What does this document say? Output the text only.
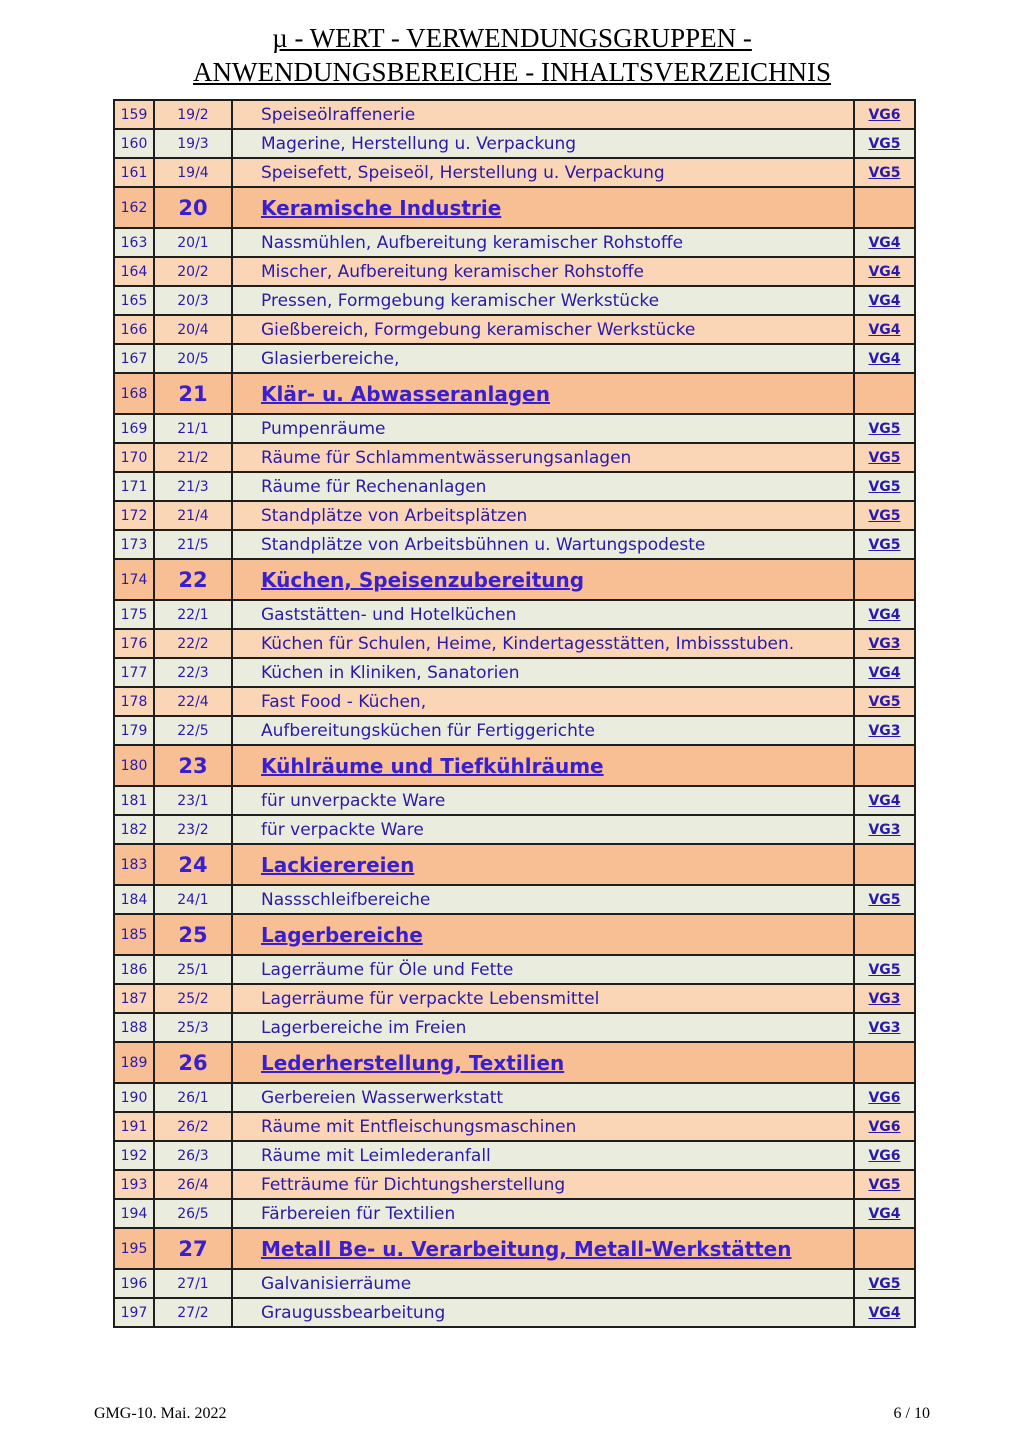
µ - WERT - VERWENDUNGSGRUPPEN -
ANWENDUNGSBEREICHE - INHALTSVERZEICHNIS
159	19/2	Speiseölraffenerie	VG6
160	19/3	Magerine, Herstellung u. Verpackung	VG5
161	19/4	Speisefett, Speiseöl, Herstellung u. Verpackung	VG5
162	20	Keramische Industrie	
163	20/1	Nassmühlen, Aufbereitung keramischer Rohstoffe	VG4
164	20/2	Mischer, Aufbereitung keramischer Rohstoffe	VG4
165	20/3	Pressen, Formgebung keramischer Werkstücke	VG4
166	20/4	Gießbereich, Formgebung keramischer Werkstücke	VG4
167	20/5	Glasierbereiche,	VG4
168	21	Klär- u. Abwasseranlagen	
169	21/1	Pumpenräume	VG5
170	21/2	Räume für Schlammentwässerungsanlagen	VG5
171	21/3	Räume für Rechenanlagen	VG5
172	21/4	Standplätze von Arbeitsplätzen	VG5
173	21/5	Standplätze von Arbeitsbühnen u. Wartungspodeste	VG5
174	22	Küchen, Speisenzubereitung	
175	22/1	Gaststätten- und Hotelküchen	VG4
176	22/2	Küchen für Schulen, Heime, Kindertagesstätten, Imbissstuben.	VG3
177	22/3	Küchen in Kliniken, Sanatorien	VG4
178	22/4	Fast Food - Küchen,	VG5
179	22/5	Aufbereitungsküchen für Fertiggerichte	VG3
180	23	Kühlräume und Tiefkühlräume	
181	23/1	für unverpackte Ware	VG4
182	23/2	für verpackte Ware	VG3
183	24	Lackierereien	
184	24/1	Nassschleifbereiche	VG5
185	25	Lagerbereiche	
186	25/1	Lagerräume für Öle und Fette	VG5
187	25/2	Lagerräume für verpackte Lebensmittel	VG3
188	25/3	Lagerbereiche im Freien	VG3
189	26	Lederherstellung, Textilien	
190	26/1	Gerbereien Wasserwerkstatt	VG6
191	26/2	Räume mit Entfleischungsmaschinen	VG6
192	26/3	Räume mit Leimlederanfall	VG6
193	26/4	Fetträume für Dichtungsherstellung	VG5
194	26/5	Färbereien für Textilien	VG4
195	27	Metall Be- u. Verarbeitung, Metall-Werkstätten	
196	27/1	Galvanisierräume	VG5
197	27/2	Graugussbearbeitung	VG4
GMG-10. Mai. 2022	6 / 10
